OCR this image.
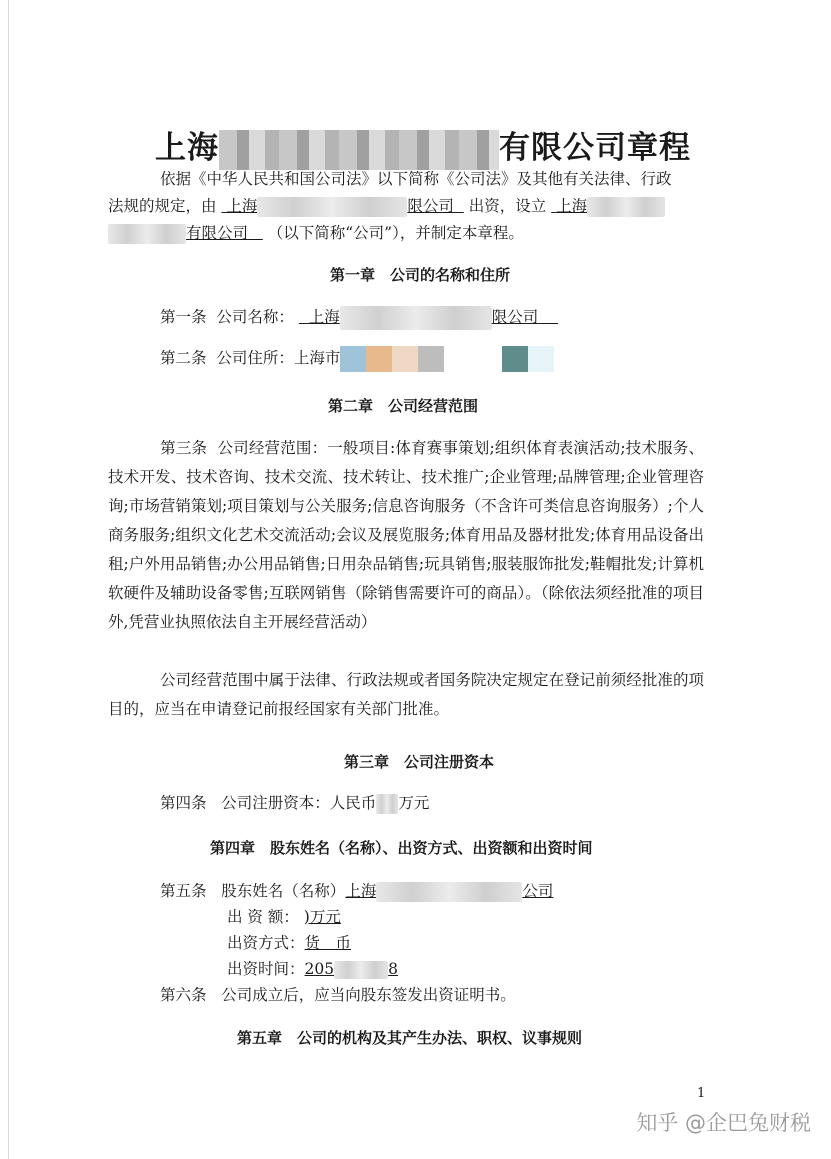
上海	有限公司章程
依据《中华人民共和国公司法》以下简称《公司法》及其他有关法律、行政
法规的规定，由 上海	限公司 出资，设立 上海
有限公司 （以下简称“公司”），并制定本章程。
第一章　公司的名称和住所
第一条 公司名称： 上海	限公司
第二条 公司住所：上海市
第二章　公司经营范围
第三条 公司经营范围：一般项目:体育赛事策划;组织体育表演活动;技术服务、技术开发、技术咨询、技术交流、技术转让、技术推广;企业管理;品牌管理;企业管理咨询;市场营销策划;项目策划与公关服务;信息咨询服务（不含许可类信息咨询服务）;个人商务服务;组织文化艺术交流活动;会议及展览服务;体育用品及器材批发;体育用品设备出租;户外用品销售;办公用品销售;日用杂品销售;玩具销售;服装服饰批发;鞋帽批发;计算机软硬件及辅助设备零售;互联网销售（除销售需要许可的商品）。（除依法须经批准的项目外,凭营业执照依法自主开展经营活动）
公司经营范围中属于法律、行政法规或者国务院决定规定在登记前须经批准的项目的，应当在申请登记前报经国家有关部门批准。
第三章　公司注册资本
第四条 公司注册资本：人民币 万元
第四章　股东姓名（名称）、出资方式、出资额和出资时间
第五条 股东姓名（名称）上海	公司
出 资 额： )万元
出资方式：货　币
出资时间：205	8
第六条 公司成立后，应当向股东签发出资证明书。
第五章　公司的机构及其产生办法、职权、议事规则
1
知乎 @企巴兔财税
